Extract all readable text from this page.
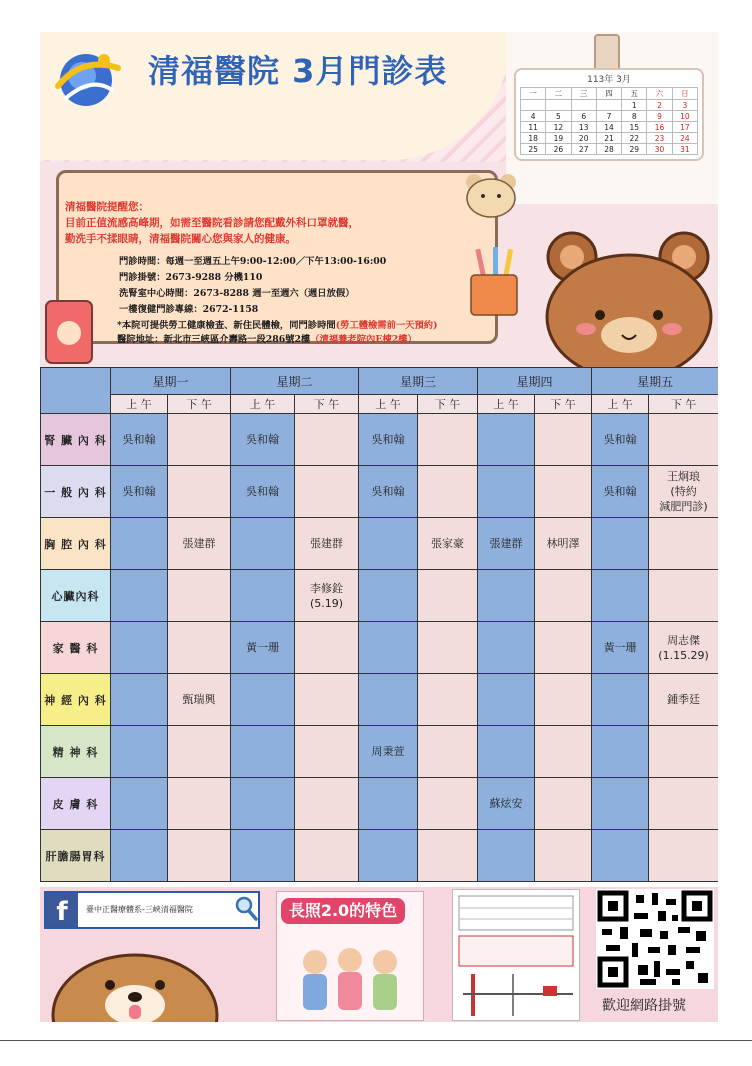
清福醫院 3月門診表	113年 3月
一	二	三	四	五	六	日
				1	2	3
4	5	6	7	8	9	10
11	12	13	14	15	16	17
18	19	20	21	22	23	24
25	26	27	28	29	30	31
清福醫院提醒您：
目前正值流感高峰期，如需至醫院看診請您配戴外科口罩就醫，
勤洗手不揉眼睛，清福醫院關心您與家人的健康。
門診時間：每週一至週五上午9:00-12:00／下午13:00-16:00
門診掛號：2673-9288 分機110
洗腎室中心時間：2673-8288 週一至週六（週日放假）
一樓復健門診專線：2672-1158
*本院可提供勞工健康檢查、新住民體檢，同門診時間(勞工體檢需前一天預約)
醫院地址：新北市三峽區介壽路一段286號2樓（清福養老院內E棟2樓）
	星期一		星期二		星期三		星期四		星期五	
	上 午	下 午	上 午	下 午	上 午	下 午	上 午	下 午	上 午	下 午
腎 臟 內 科	吳和翰		吳和翰		吳和翰				吳和翰	
一 般 內 科	吳和翰		吳和翰		吳和翰				吳和翰	王炯琅
(特約
減肥門診)
胸 腔 內 科		張建群		張建群		張家豪	張建群	林明澤		
心臟內科				李修銓
(5.19)						
家 醫 科			黃一珊						黃一珊	周志傑
(1.15.29)
神 經 內 科		甄瑞興								鍾季廷
精 神 科					周秉萱					
皮 膚 科							蘇炫安			
肝膽腸胃科										
f	臺中正醫療體系-三峽清福醫院	長照2.0的特色
歡迎網路掛號
